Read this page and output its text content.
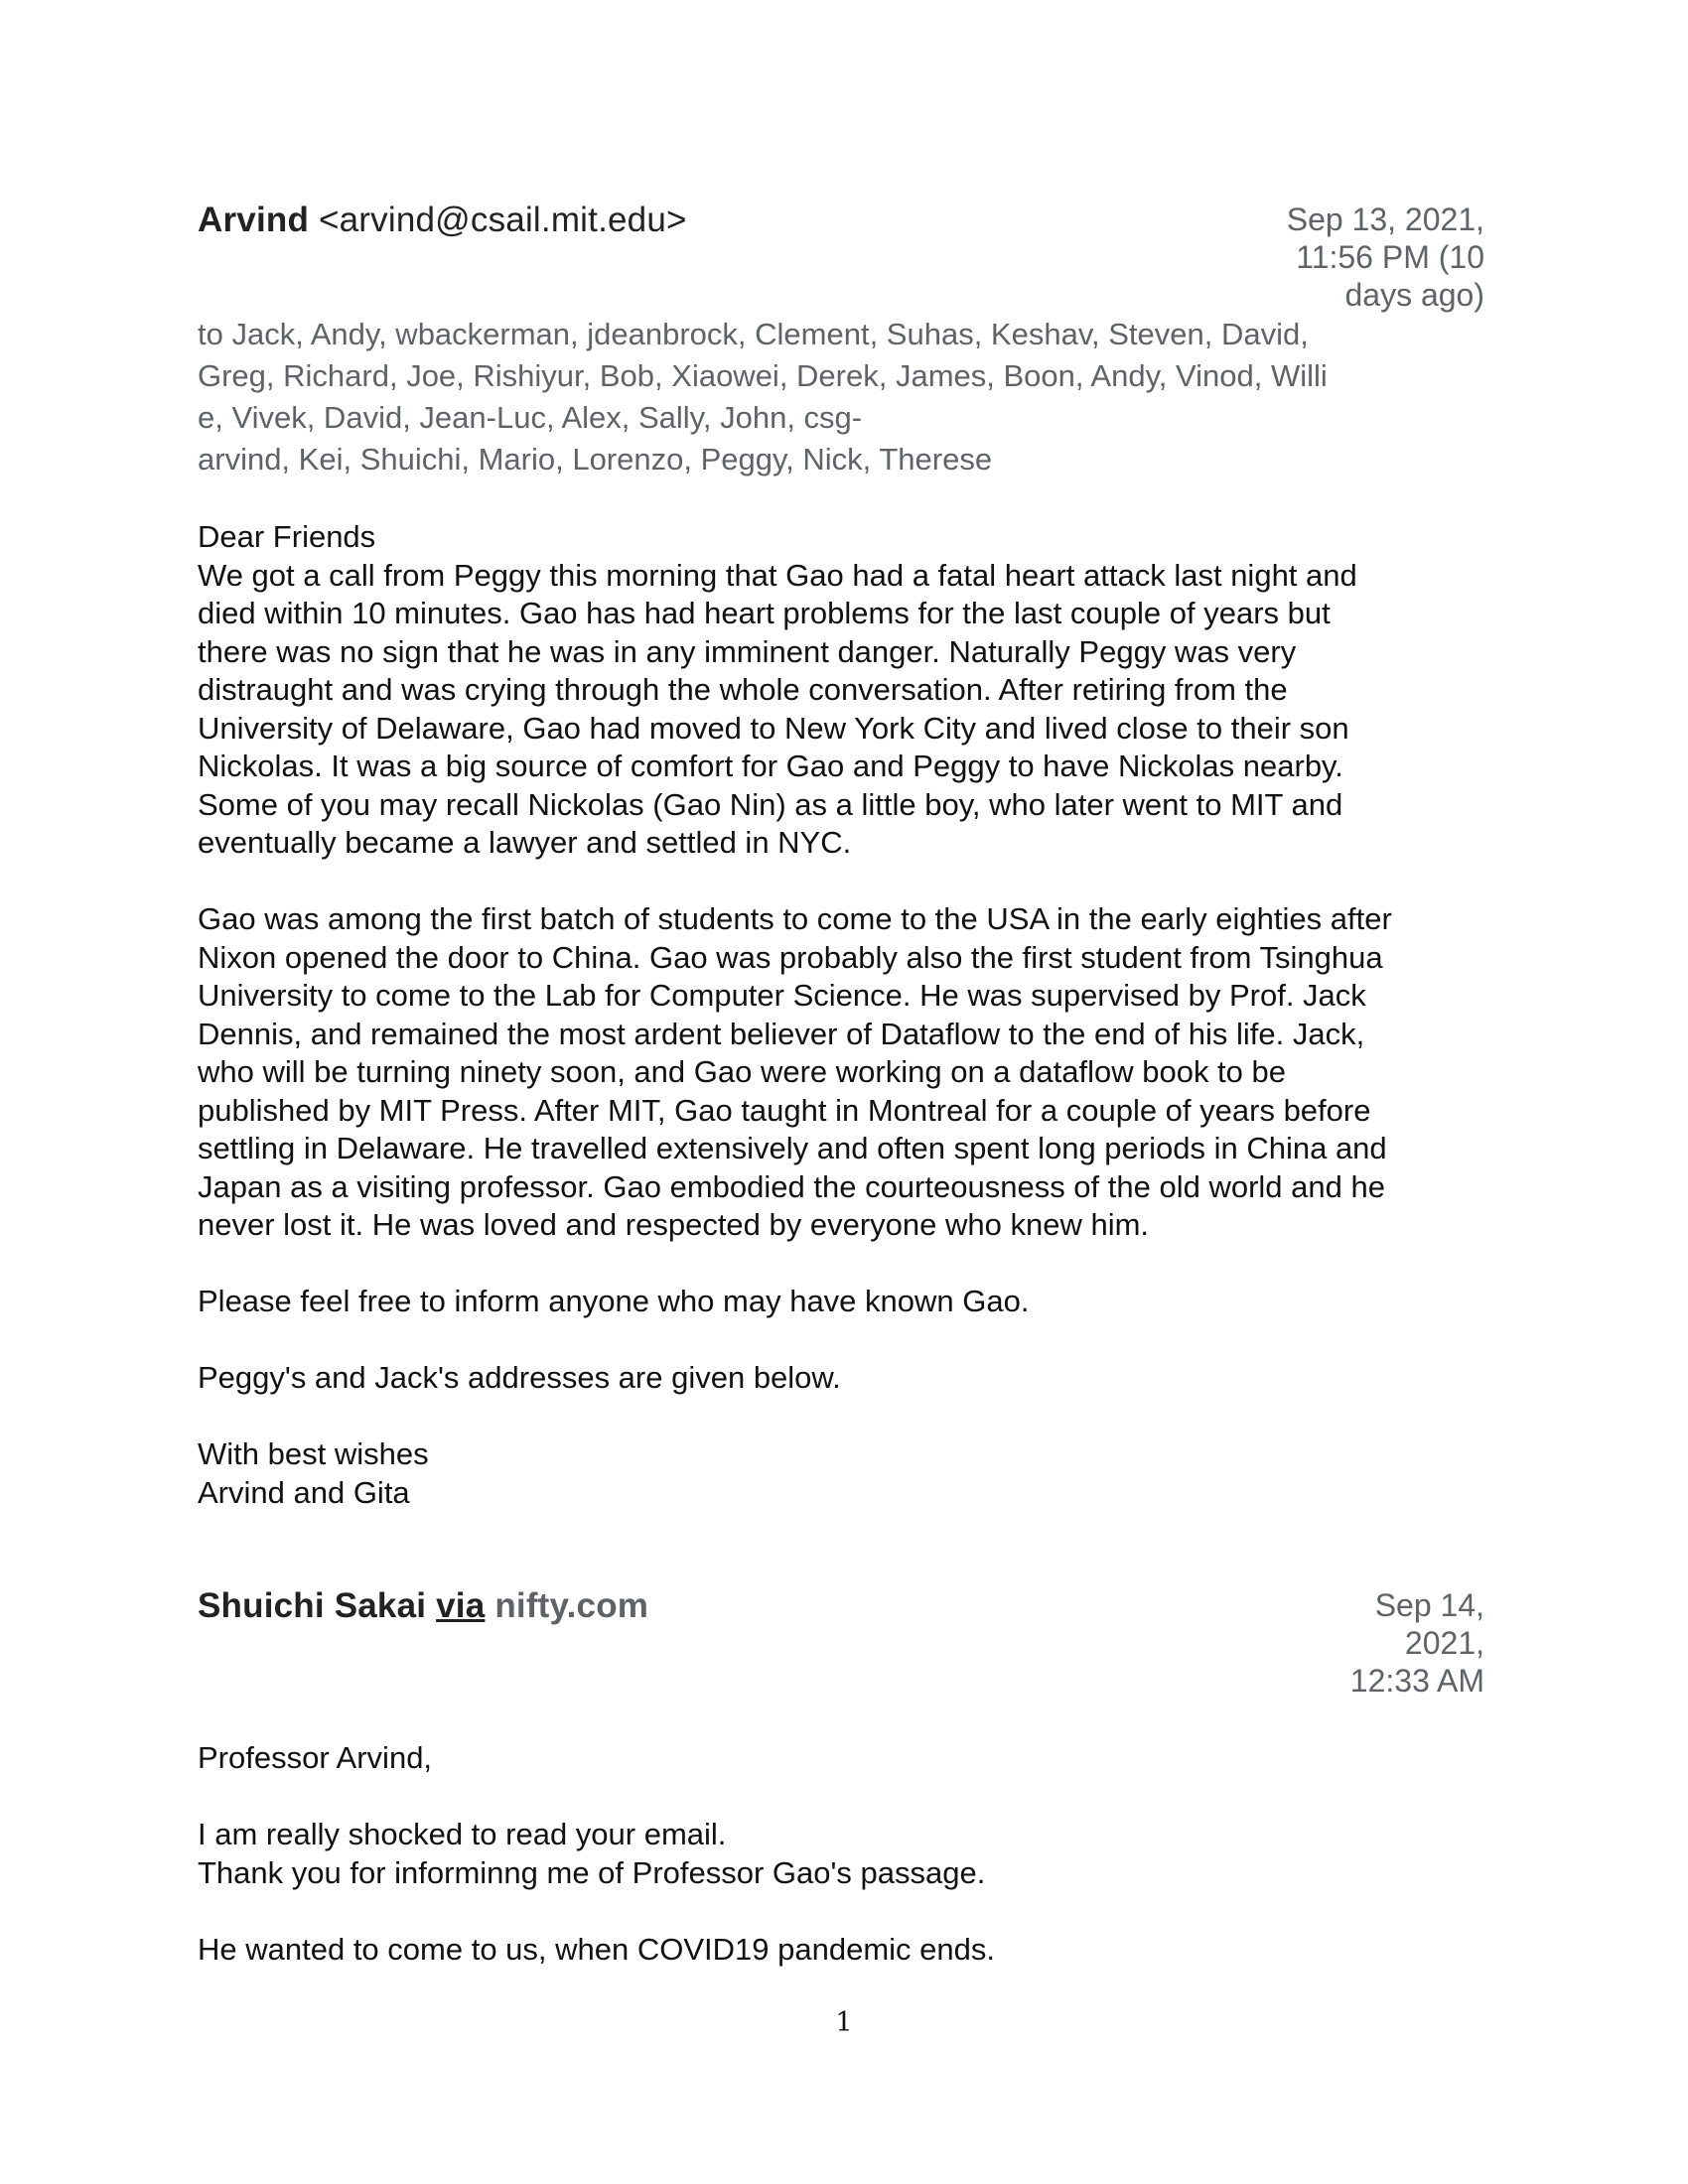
Arvind <arvind@csail.mit.edu>	Sep 13, 2021,
11:56 PM (10
days ago)
to Jack, Andy, wbackerman, jdeanbrock, Clement, Suhas, Keshav, Steven, David,
Greg, Richard, Joe, Rishiyur, Bob, Xiaowei, Derek, James, Boon, Andy, Vinod, Willi
e, Vivek, David, Jean-Luc, Alex, Sally, John, csg-
arvind, Kei, Shuichi, Mario, Lorenzo, Peggy, Nick, Therese
Dear Friends
We got a call from Peggy this morning that Gao had a fatal heart attack last night and
died within 10 minutes. Gao has had heart problems for the last couple of years but
there was no sign that he was in any imminent danger. Naturally Peggy was very
distraught and was crying through the whole conversation. After retiring from the
University of Delaware, Gao had moved to New York City and lived close to their son
Nickolas. It was a big source of comfort for Gao and Peggy to have Nickolas nearby.
Some of you may recall Nickolas (Gao Nin) as a little boy, who later went to MIT and
eventually became a lawyer and settled in NYC.
Gao was among the first batch of students to come to the USA in the early eighties after
Nixon opened the door to China. Gao was probably also the first student from Tsinghua
University to come to the Lab for Computer Science. He was supervised by Prof. Jack
Dennis, and remained the most ardent believer of Dataflow to the end of his life. Jack,
who will be turning ninety soon, and Gao were working on a dataflow book to be
published by MIT Press. After MIT, Gao taught in Montreal for a couple of years before
settling in Delaware. He travelled extensively and often spent long periods in China and
Japan as a visiting professor. Gao embodied the courteousness of the old world and he
never lost it. He was loved and respected by everyone who knew him.
Please feel free to inform anyone who may have known Gao.
Peggy's and Jack's addresses are given below.
With best wishes
Arvind and Gita
Shuichi Sakai via nifty.com	Sep 14,
2021,
12:33 AM
Professor Arvind,
I am really shocked to read your email.
Thank you for informinng me of Professor Gao's passage.
He wanted to come to us, when COVID19 pandemic ends.
1
